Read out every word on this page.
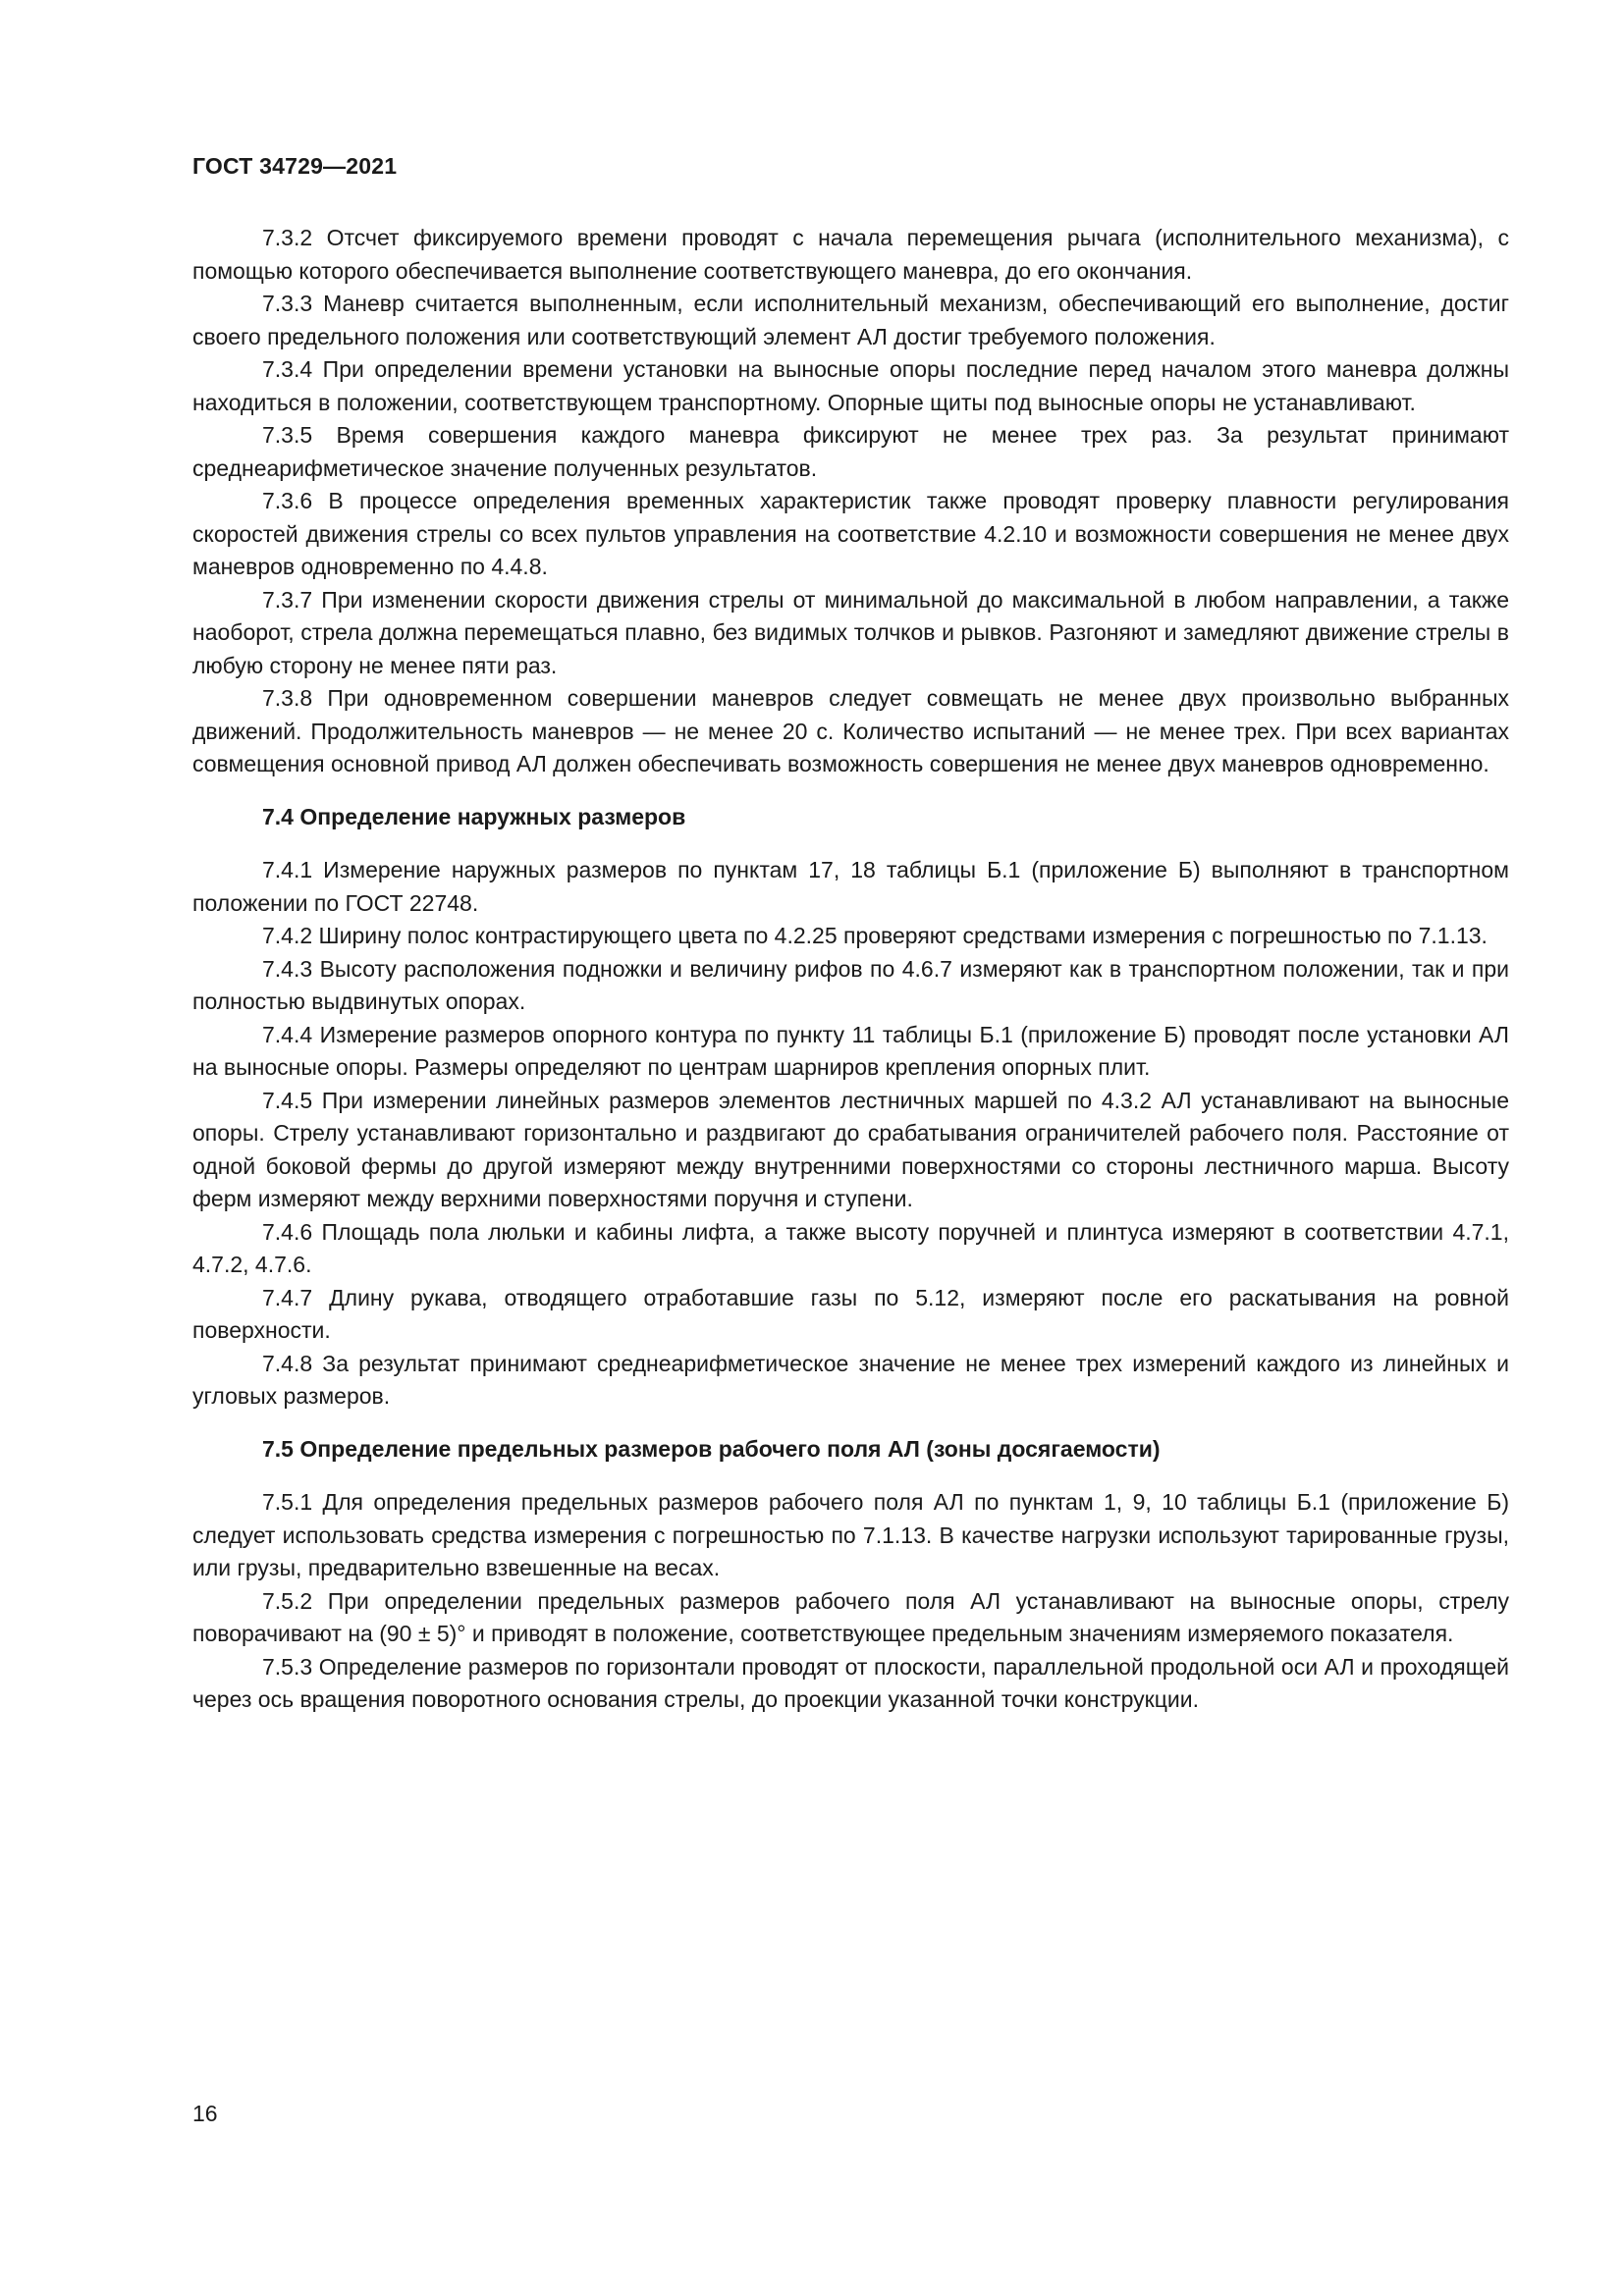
ГОСТ 34729—2021

7.3.2 Отсчет фиксируемого времени проводят с начала перемещения рычага (исполнительного механизма), с помощью которого обеспечивается выполнение соответствующего маневра, до его окончания.

7.3.3 Маневр считается выполненным, если исполнительный механизм, обеспечивающий его выполнение, достиг своего предельного положения или соответствующий элемент АЛ достиг требуемого положения.

7.3.4 При определении времени установки на выносные опоры последние перед началом этого маневра должны находиться в положении, соответствующем транспортному. Опорные щиты под выносные опоры не устанавливают.

7.3.5 Время совершения каждого маневра фиксируют не менее трех раз. За результат принимают среднеарифметическое значение полученных результатов.

7.3.6 В процессе определения временных характеристик также проводят проверку плавности регулирования скоростей движения стрелы со всех пультов управления на соответствие 4.2.10 и возможности совершения не менее двух маневров одновременно по 4.4.8.

7.3.7 При изменении скорости движения стрелы от минимальной до максимальной в любом направлении, а также наоборот, стрела должна перемещаться плавно, без видимых толчков и рывков. Разгоняют и замедляют движение стрелы в любую сторону не менее пяти раз.

7.3.8 При одновременном совершении маневров следует совмещать не менее двух произвольно выбранных движений. Продолжительность маневров — не менее 20 с. Количество испытаний — не менее трех. При всех вариантах совмещения основной привод АЛ должен обеспечивать возможность совершения не менее двух маневров одновременно.

7.4 Определение наружных размеров

7.4.1 Измерение наружных размеров по пунктам 17, 18 таблицы Б.1 (приложение Б) выполняют в транспортном положении по ГОСТ 22748.

7.4.2 Ширину полос контрастирующего цвета по 4.2.25 проверяют средствами измерения с погрешностью по 7.1.13.

7.4.3 Высоту расположения подножки и величину рифов по 4.6.7 измеряют как в транспортном положении, так и при полностью выдвинутых опорах.

7.4.4 Измерение размеров опорного контура по пункту 11 таблицы Б.1 (приложение Б) проводят после установки АЛ на выносные опоры. Размеры определяют по центрам шарниров крепления опорных плит.

7.4.5 При измерении линейных размеров элементов лестничных маршей по 4.3.2 АЛ устанавливают на выносные опоры. Стрелу устанавливают горизонтально и раздвигают до срабатывания ограничителей рабочего поля. Расстояние от одной боковой фермы до другой измеряют между внутренними поверхностями со стороны лестничного марша. Высоту ферм измеряют между верхними поверхностями поручня и ступени.

7.4.6 Площадь пола люльки и кабины лифта, а также высоту поручней и плинтуса измеряют в соответствии 4.7.1, 4.7.2, 4.7.6.

7.4.7 Длину рукава, отводящего отработавшие газы по 5.12, измеряют после его раскатывания на ровной поверхности.

7.4.8 За результат принимают среднеарифметическое значение не менее трех измерений каждого из линейных и угловых размеров.

7.5 Определение предельных размеров рабочего поля АЛ (зоны досягаемости)

7.5.1 Для определения предельных размеров рабочего поля АЛ по пунктам 1, 9, 10 таблицы Б.1 (приложение Б) следует использовать средства измерения с погрешностью по 7.1.13. В качестве нагрузки используют тарированные грузы, или грузы, предварительно взвешенные на весах.

7.5.2 При определении предельных размеров рабочего поля АЛ устанавливают на выносные опоры, стрелу поворачивают на (90 ± 5)° и приводят в положение, соответствующее предельным значениям измеряемого показателя.

7.5.3 Определение размеров по горизонтали проводят от плоскости, параллельной продольной оси АЛ и проходящей через ось вращения поворотного основания стрелы, до проекции указанной точки конструкции.

16
